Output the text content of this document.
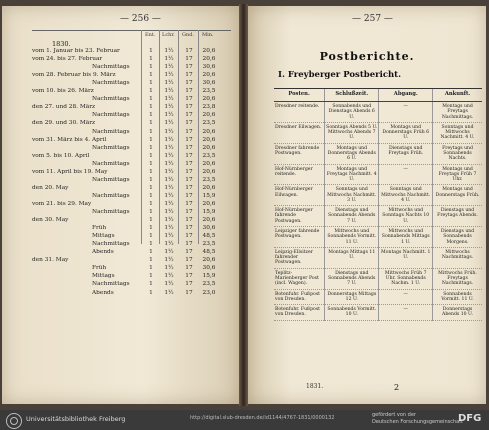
— 256 —
Ent. Lchr. Gnd. Min.
1830.
vom 1. Januar bis 23. Februar	1	1½	17	20,6
vom 24. bis 27. Februar	1	1½	17	20,6
Nachmittags	1	1½	17	30,6
vom 28. Februar bis 9. März	1	1½	17	20,6
Nachmittags	1	1½	17	30,6
vom 10. bis 26. März	1	1½	17	23,5
Nachmittags	1	1½	17	20,6
den 27. und 28. März	1	1½	17	23,8
Nachmittags	1	1½	17	20,6
den 29. und 30. März	1	1½	17	23,5
Nachmittags	1	1½	17	20,6
vom 31. März bis 4. April	1	1½	17	20,6
Nachmittags	1	1½	17	20,6
vom 5. bis 10. April	1	1½	17	23,5
Nachmittags	1	1½	17	20,6
vom 11. April bis 19. May	1	1½	17	20,6
Nachmittags	1	1½	17	23,5
den 20. May	1	1½	17	20,6
Nachmittags	1	1½	17	15,9
vom 21. bis 29. May	1	1½	17	20,6
Nachmittags	1	1½	17	15,9
den 30. May	1	1½	17	20,6
Früh	1	1½	17	30,6
Mittags	1	1½	17	48,5
Nachmittags	1	1½	17	23,5
Abends	1	1½	17	48,5
den 31. May	1	1½	17	20,6
Früh	1	1½	17	30,6
Mittags	1	1½	17	15,9
Nachmittags	1	1½	17	23,5
Abends	1	1½	17	23,0
— 257 —
Postberichte.
I. Freyberger Postbericht.
Posten.	Schlußzeit.	Abgang.	Ankunft.
Dresdner reitende.	Sonnabends und Dienstags Abends 6 U.	—	Montags und Freytags Nachmittags.
Dresdner Eilwagen.	Sonntags Abends 5 U. Mittwochs Abends 7 U.	Montags und Donnerstags Früh 6 U.	Sonntags und Mittwochs Nachmitt. 4 U.
Dresdner fahrende Postwagen.	Montags und Donnerstags Abends 6 U.	Dienstags und Freytags Früh.	Freytags und Sonnabends Nachts.
Hof-Nürnberger reitende.	Montags und Freytags Nachmitt. 4 U.	—	Montags und Freytags Früh 7 Uhr.
Hof-Nürnberger Eilwagen.	Sonntags und Mittwochs Nachmitt. 3 U.	Sonntags und Mittwochs Nachmitt. 4 U.	Montags und Donnerstags Früh.
Hof-Nürnberger fahrende Postwagen.	Dienstags und Sonnabends Abends 7 U.	Mittwochs und Sonntags Nachts 10 U.	Dienstags und Freytags Abends.
Leipziger fahrende Postwagen.	Mittwochs und Sonnabends Vormitt. 11 U.	Mittwochs und Sonnabends Mittags 1 U.	Dienstags und Sonnabends Morgens.
Leipzig-Ellsitzer fahrender Postwagen.	Montags Mittags 11 U.	Montags Nachmitt. 1 U.	Mittwochs Nachmittags.
Teplitz-Marienberger Post (incl. Wagen).	Dienstags und Sonnabends Abends 7 U.	Mittwochs Früh 7 Uhr. Sonnabends Nachm. 1 U.	Mittwochs Früh. Freytags Nachmittags.
Botenfuhr. Fußpost von Dresden.	Donnerstags Mittags 12 U.	—	Sonnabends Vormitt. 11 U.
Botenfuhr. Fußpost von Dresden.	Sonnabends Vormitt. 10 U.	—	Donnerstags Abends 10 U.
1831.	2
Universitätsbibliothek Freiberg	http://digital.slub-dresden.de/id1144/4767-1831/0000132	gefördert von der
Deutschen Forschungsgemeinschaft
DFG
